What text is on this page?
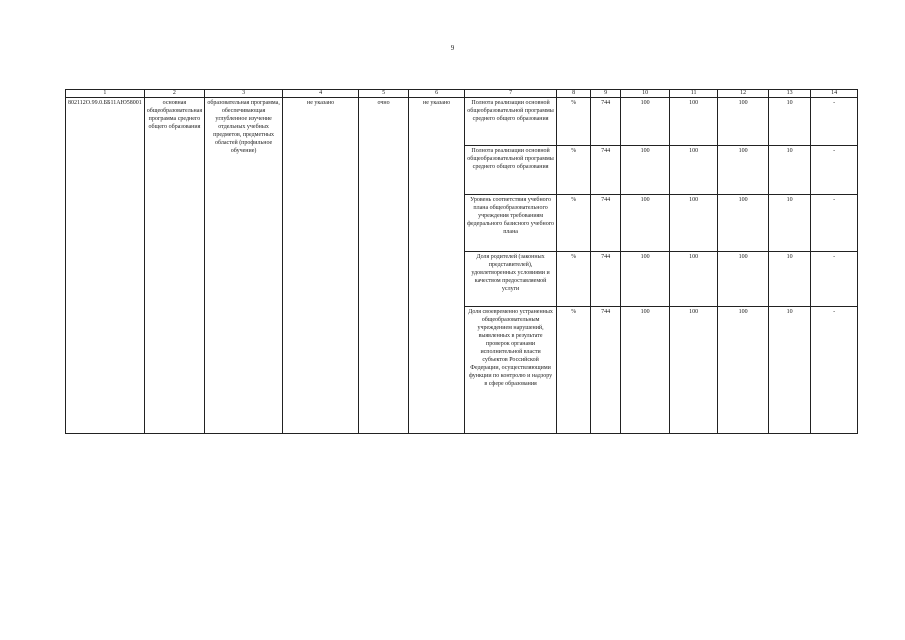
9
1	2	3	4	5	6	7	8	9	10	11	12	13	14
802112О.99.0.ББ11АЮ58001	основная общеобразовательная программа среднего общего образования	образовательная программа, обеспечивающая углубленное изучение отдельных учебных предметов, предметных областей (профильное обучение)	не указано	очно	не указано	Полнота реализации основной общеобразовательной программы среднего общего образования	%	744	100	100	100	10	-
						Полнота реализации основной общеобразовательной программы среднего общего образования	%	744	100	100	100	10	-
						Уровень соответствия учебного плана общеобразовательного учреждения требованиям федерального базисного учебного плана	%	744	100	100	100	10	-
						Доля родителей (законных представителей), удовлетворенных условиями и качеством предоставляемой услуги	%	744	100	100	100	10	-
						Доля своевременно устраненных общеобразовательным учреждением нарушений, выявленных в результате проверок органами исполнительной власти субъектов Российской Федерации, осуществляющими функции по контролю и надзору в сфере образования	%	744	100	100	100	10	-
